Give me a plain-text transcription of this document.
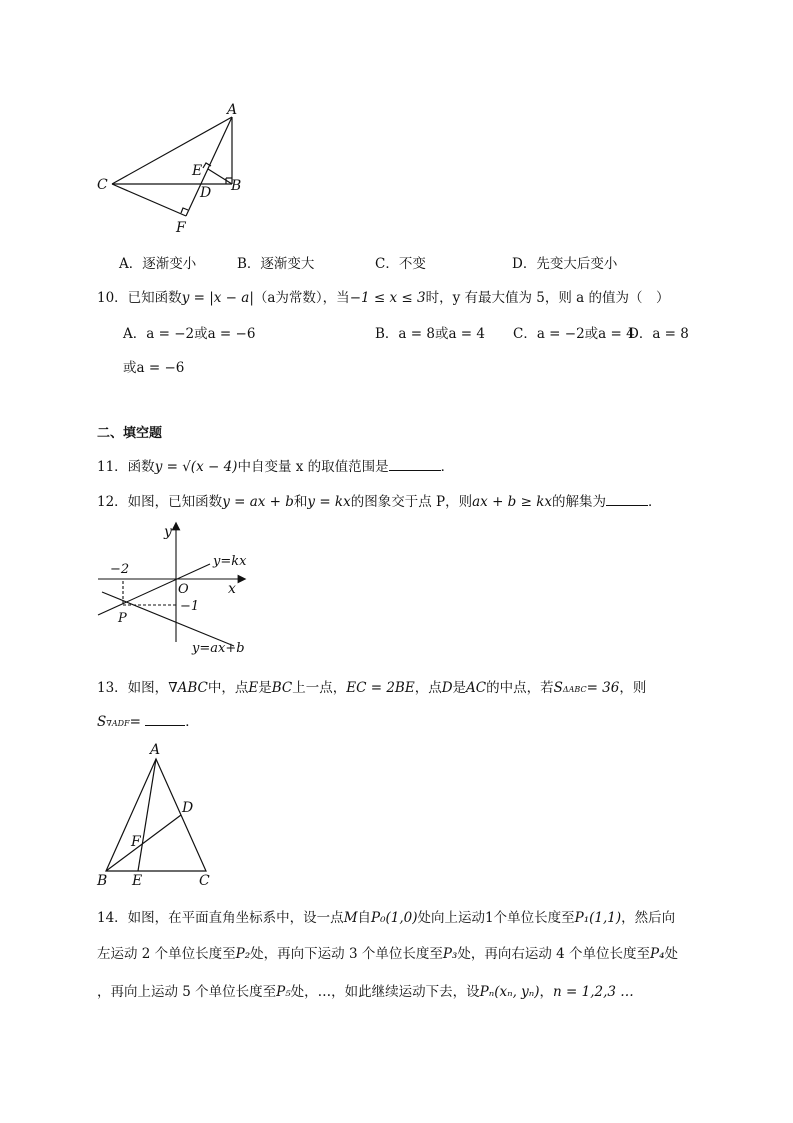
A
B
C	D
E
F
A．逐渐变小	B．逐渐变大	C．不变	D．先变大后变小
10．已知函数y = |x − a|（a为常数），当−1 ≤ x ≤ 3时，y 有最大值为 5，则 a 的值为（　）
A．a = −2或a = −6	B．a = 8或a = 4 C．a = −2或a = 4
D．a = 8
或a = −6
二、填空题
11．函数y = √(x − 4)中自变量 x 的取值范围是	．
12．如图，已知函数y = ax + b和y = kx的图象交于点 P，则ax + b ≥ kx的解集为	．
y
x
O
−2
−1
P
y=kx
y=ax+b
13．如图，∇ABC中，点E是BC上一点，EC = 2BE，点D是AC的中点，若SΔABC= 36，则
S∇ADF=	．
A
B	C
D
E
F
14．如图，在平面直角坐标系中，设一点M自P₀(1,0)处向上运动1个单位长度至P₁(1,1)，然后向
左运动 2 个单位长度至P₂处，再向下运动 3 个单位长度至P₃处，再向右运动 4 个单位长度至P₄处
，再向上运动 5 个单位长度至P₅处，…，如此继续运动下去，设Pₙ(xₙ, yₙ)，n = 1,2,3 …
